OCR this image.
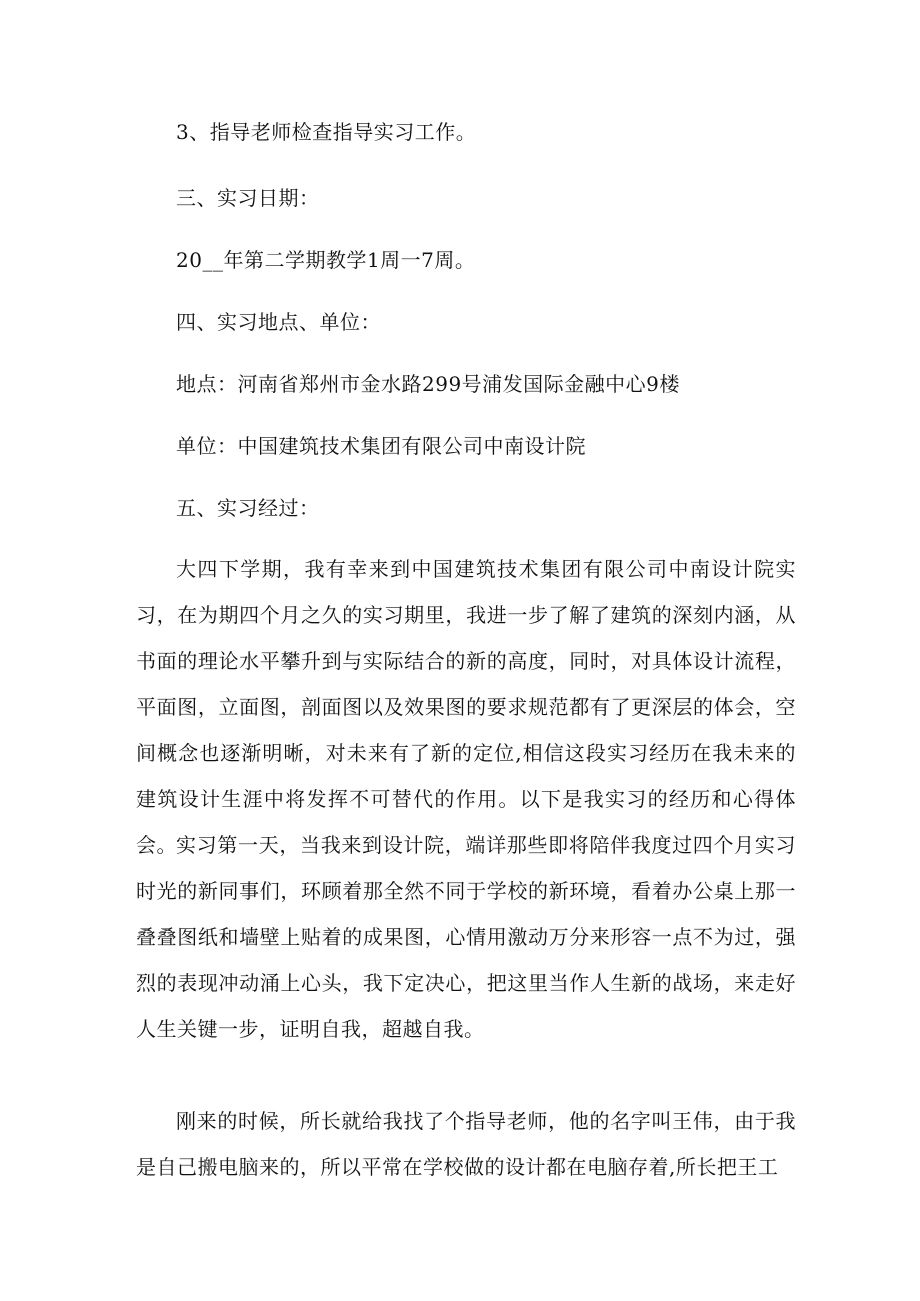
3、指导老师检查指导实习工作。

三、实习日期：

20__年第二学期教学1周一7周。

四、实习地点、单位：

地点：河南省郑州市金水路299号浦发国际金融中心9楼

单位：中国建筑技术集团有限公司中南设计院

五、实习经过：

大四下学期，我有幸来到中国建筑技术集团有限公司中南设计院实习，在为期四个月之久的实习期里，我进一步了解了建筑的深刻内涵，从书面的理论水平攀升到与实际结合的新的高度，同时，对具体设计流程，平面图，立面图，剖面图以及效果图的要求规范都有了更深层的体会，空间概念也逐渐明晰，对未来有了新的定位,相信这段实习经历在我未来的建筑设计生涯中将发挥不可替代的作用。以下是我实习的经历和心得体会。 实习第一天，当我来到设计院，端详那些即将陪伴我度过四个月实习时光的新同事们，环顾着那全然不同于学校的新环境，看着办公桌上那一叠叠图纸和墙壁上贴着的成果图，心情用激动万分来形容一点不为过，强烈的表现冲动涌上心头，我下定决心，把这里当作人生新的战场，来走好人生关键一步，证明自我，超越自我。

刚来的时候，所长就给我找了个指导老师，他的名字叫王伟，由于我是自己搬电脑来的，所以平常在学校做的设计都在电脑存着,所长把王工
